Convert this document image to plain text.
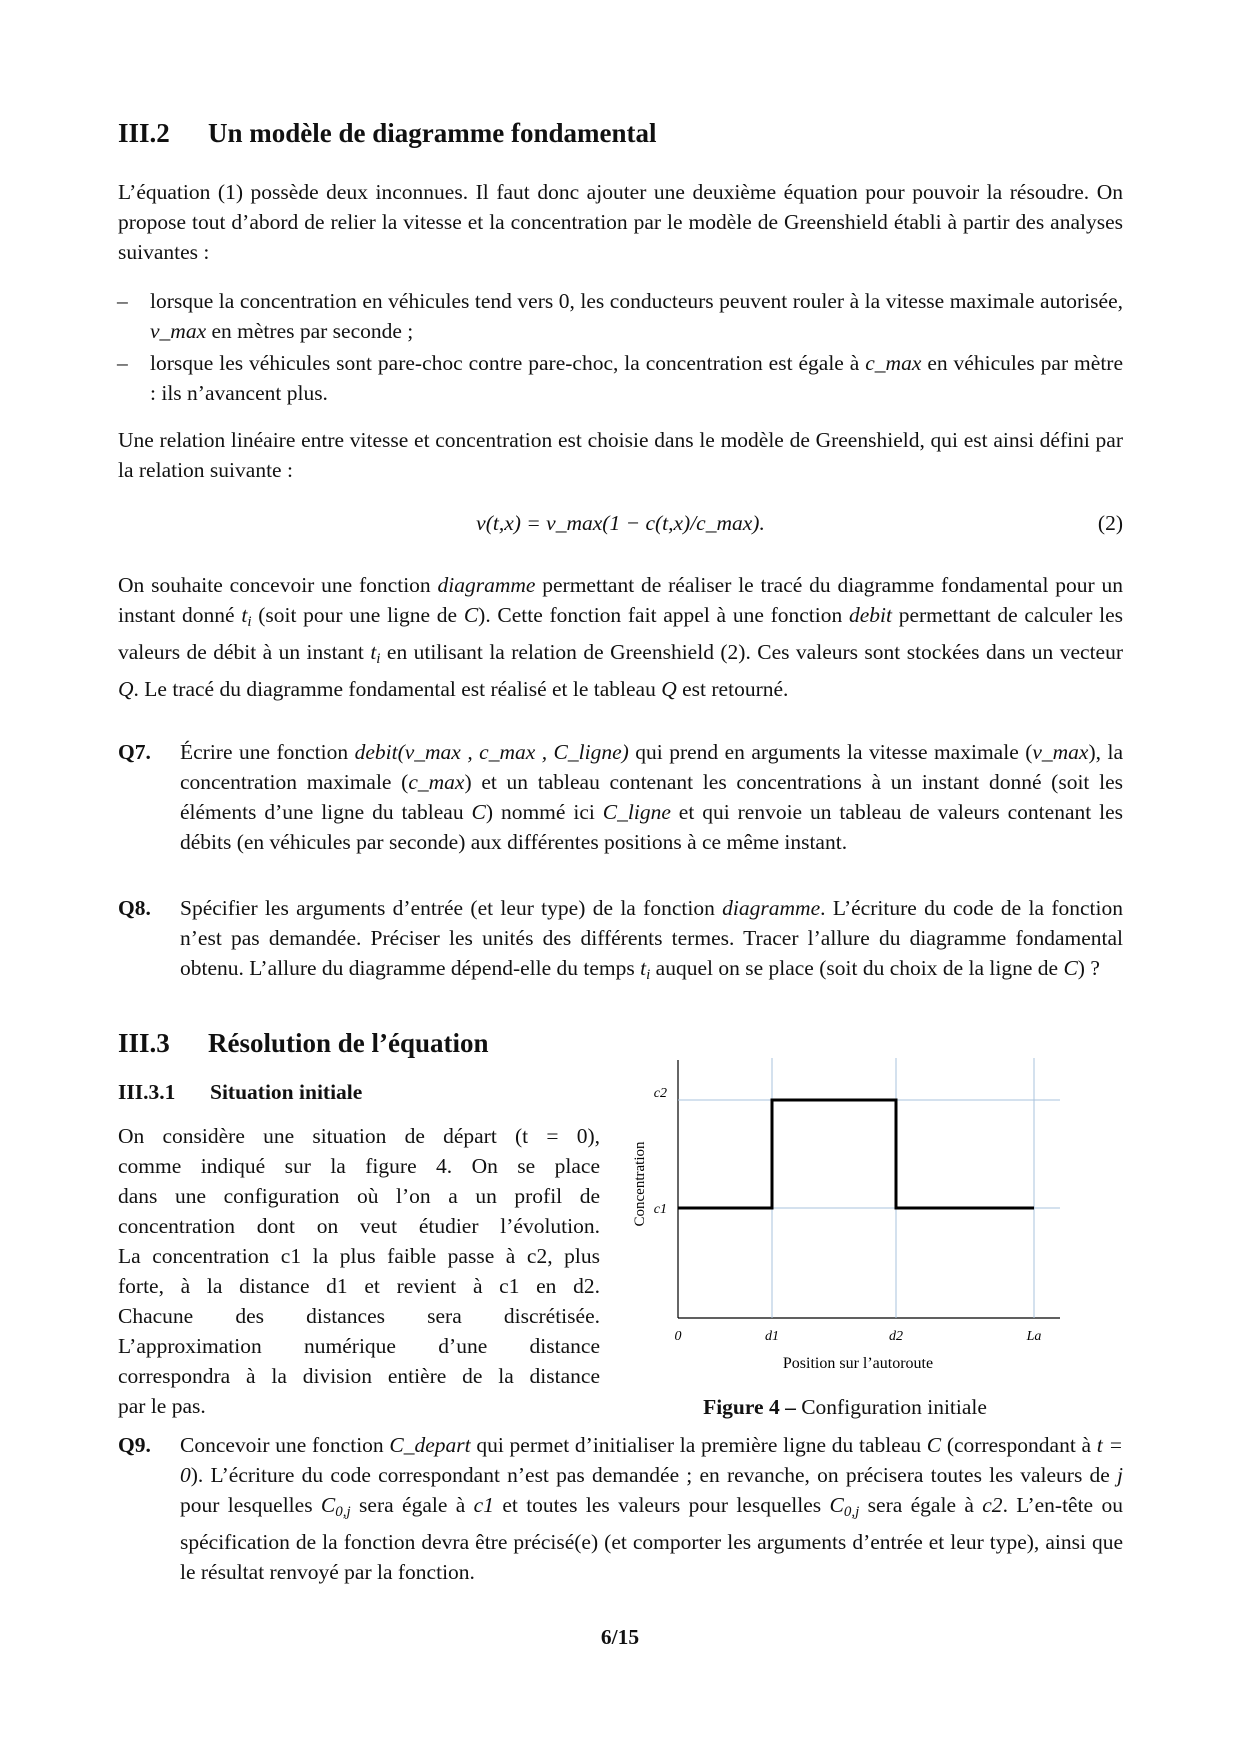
III.2 Un modèle de diagramme fondamental

L’équation (1) possède deux inconnues. Il faut donc ajouter une deuxième équation pour pouvoir la résoudre. On propose tout d’abord de relier la vitesse et la concentration par le modèle de Greenshield établi à partir des analyses suivantes :

– lorsque la concentration en véhicules tend vers 0, les conducteurs peuvent rouler à la vitesse maximale autorisée, v_max en mètres par seconde ;
– lorsque les véhicules sont pare-choc contre pare-choc, la concentration est égale à c_max en véhicules par mètre : ils n’avancent plus.

Une relation linéaire entre vitesse et concentration est choisie dans le modèle de Greenshield, qui est ainsi défini par la relation suivante :

v(t,x) = v_max(1 − c(t,x)/c_max).	(2)

On souhaite concevoir une fonction diagramme permettant de réaliser le tracé du diagramme fondamental pour un instant donné $t_i$ (soit pour une ligne de C). Cette fonction fait appel à une fonction debit permettant de calculer les valeurs de débit à un instant $t_i$ en utilisant la relation de Greenshield (2). Ces valeurs sont stockées dans un vecteur Q. Le tracé du diagramme fondamental est réalisé et le tableau Q est retourné.

Q7. Écrire une fonction debit(v_max , c_max , C_ligne) qui prend en arguments la vitesse maximale (v_max), la concentration maximale (c_max) et un tableau contenant les concentrations à un instant donné (soit les éléments d’une ligne du tableau C) nommé ici C_ligne et qui renvoie un tableau de valeurs contenant les débits (en véhicules par seconde) aux différentes positions à ce même instant.
Q8. Spécifier les arguments d’entrée (et leur type) de la fonction diagramme. L’écriture du code de la fonction n’est pas demandée. Préciser les unités des différents termes. Tracer l’allure du diagramme fondamental obtenu. L’allure du diagramme dépend-elle du temps $t_i$ auquel on se place (soit du choix de la ligne de C) ?
III.3 Résolution de l’équation
III.3.1 Situation initiale
On considère une situation de départ (t = 0),
comme indiqué sur la figure 4. On se place
dans une configuration où l’on a un profil de
concentration dont on veut étudier l’évolution.
La concentration c1 la plus faible passe à c2, plus
forte, à la distance d1 et revient à c1 en d2.
Chacune des distances sera discrétisée.
L’approximation numérique d’une distance
correspondra à la division entière de la distance
par le pas.
Concentration
Position sur l’autoroute
0	d1	d2	La
c1
c2
Figure 4 – Configuration initiale
Q9. Concevoir une fonction C_depart qui permet d’initialiser la première ligne du tableau C (correspondant à t = 0). L’écriture du code correspondant n’est pas demandée ; en revanche, on précisera toutes les valeurs de j pour lesquelles $C_{0,j}$ sera égale à c1 et toutes les valeurs pour lesquelles $C_{0,j}$ sera égale à c2. L’en-tête ou spécification de la fonction devra être précisé(e) (et comporter les arguments d’entrée et leur type), ainsi que le résultat renvoyé par la fonction.
6/15
